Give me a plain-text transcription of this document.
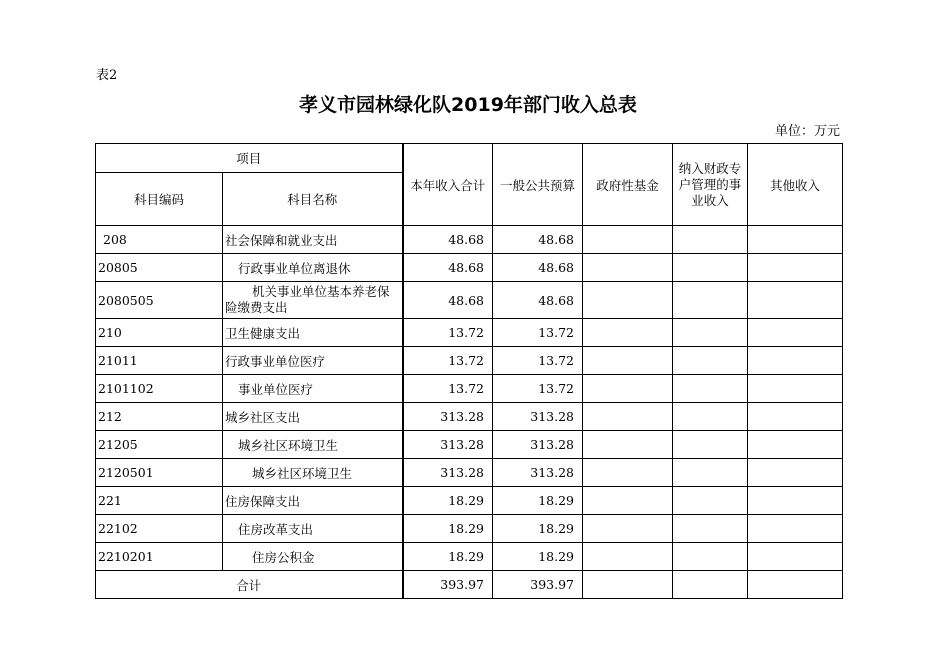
表2
孝义市园林绿化队2019年部门收入总表
单位：万元
项目		本年收入合计	一般公共预算	政府性基金	纳入财政专户管理的事业收入	其他收入
科目编码	科目名称					
208	社会保障和就业支出	48.68	48.68			
20805	行政事业单位离退休	48.68	48.68			
2080505	机关事业单位基本养老保险缴费支出	48.68	48.68			
210	卫生健康支出	13.72	13.72			
21011	行政事业单位医疗	13.72	13.72			
2101102	事业单位医疗	13.72	13.72			
212	城乡社区支出	313.28	313.28			
21205	城乡社区环境卫生	313.28	313.28			
2120501	城乡社区环境卫生	313.28	313.28			
221	住房保障支出	18.29	18.29			
22102	住房改革支出	18.29	18.29			
2210201	住房公积金	18.29	18.29			
合计		393.97	393.97			
